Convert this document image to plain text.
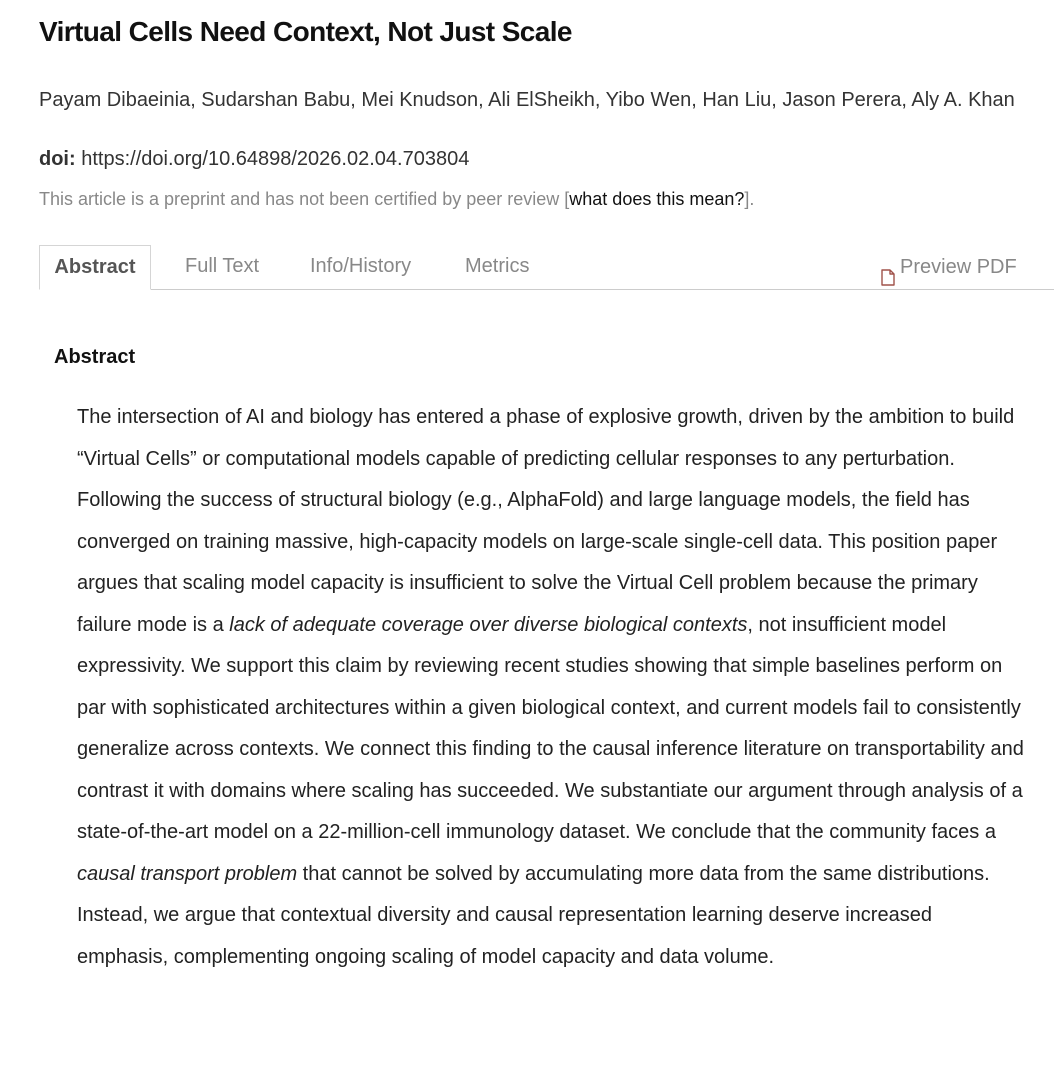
Virtual Cells Need Context, Not Just Scale
Payam Dibaeinia, Sudarshan Babu, Mei Knudson, Ali ElSheikh, Yibo Wen, Han Liu, Jason Perera, Aly A. Khan
doi: https://doi.org/10.64898/2026.02.04.703804
This article is a preprint and has not been certified by peer review [what does this mean?].
Abstract	Full Text	Info/History	Metrics	Preview PDF
Abstract

The intersection of AI and biology has entered a phase of explosive growth, driven by the ambition to build “Virtual Cells” or computational models capable of predicting cellular responses to any perturbation. Following the success of structural biology (e.g., AlphaFold) and large language models, the field has converged on training massive, high-capacity models on large-scale single-cell data. This position paper argues that scaling model capacity is insufficient to solve the Virtual Cell problem because the primary failure mode is a lack of adequate coverage over diverse biological contexts, not insufficient model expressivity. We support this claim by reviewing recent studies showing that simple baselines perform on par with sophisticated architectures within a given biological context, and current models fail to consistently generalize across contexts. We connect this finding to the causal inference literature on transportability and contrast it with domains where scaling has succeeded. We substantiate our argument through analysis of a state-of-the-art model on a 22-million-cell immunology dataset. We conclude that the community faces a causal transport problem that cannot be solved by accumulating more data from the same distributions. Instead, we argue that contextual diversity and causal representation learning deserve increased emphasis, complementing ongoing scaling of model capacity and data volume.
